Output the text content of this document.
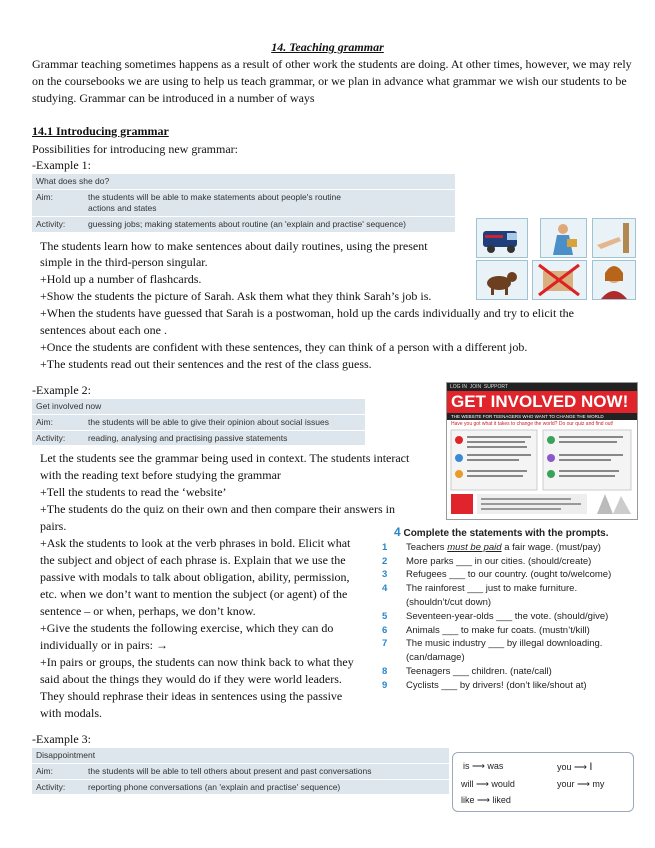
14. Teaching grammar
Grammar teaching sometimes happens as a result of other work the students are doing. At other times, however, we may rely on the coursebooks we are using to help us teach grammar, or we plan in advance what grammar we wish our students to be studying. Grammar can be introduced in a number of ways
14.1 Introducing grammar
Possibilities for introducing new grammar:
-Example 1:
What does she do?
Aim:	the students will be able to make statements about people's routine
actions and states
Activity:	guessing jobs; making statements about routine (an 'explain and practise' sequence)
The students learn how to make sentences about daily routines, using the present
simple in the third-person singular.
+Hold up a number of flashcards.
+Show the students the picture of Sarah. Ask them what they think Sarah’s job is.
+When the students have guessed that Sarah is a postwoman, hold up the cards individually and try to elicit the
sentences about each one .
+Once the students are confident with these sentences, they can think of a person with a different job.
+The students read out their sentences and the rest of the class guess.
-Example 2:
Get involved now
Aim:	the students will be able to give their opinion about social issues
Activity:	reading, analysing and practising passive statements
Let the students see the grammar being used in context. The students interact
with the reading text before studying the grammar
+Tell the students to read the ‘website’
+The students do the quiz on their own and then compare their answers in
pairs.
+Ask the students to look at the verb phrases in bold. Elicit what
the subject and object of each phrase is. Explain that we use the
passive with modals to talk about obligation, ability, permission,
etc. when we don’t want to mention the subject (or agent) of the
sentence – or when, perhaps, we don’t know.
+Give the students the following exercise, which they can do
individually or in pairs: →
+In pairs or groups, the students can now think back to what they
said about the things they would do if they were world leaders.
They should rephrase their ideas in sentences using the passive
with modals.
LOG IN JOIN SUPPORT
GET INVOLVED NOW!
THE WEBSITE FOR TEENAGERS WHO WANT TO CHANGE THE WORLD
Have you got what it takes to change the world? Do our quiz and find out!
4 Complete the statements with the prompts.
1 Teachers must be paid a fair wage. (must/pay)
2 More parks ___ in our cities. (should/create)
3 Refugees ___ to our country. (ought to/welcome)
4 The rainforest ___ just to make furniture.
(shouldn’t/cut down)
5 Seventeen-year-olds ___ the vote. (should/give)
6 Animals ___ to make fur coats. (mustn’t/kill)
7 The music industry ___ by illegal downloading.
(can/damage)
8 Teenagers ___ children. (nate/call)
9 Cyclists ___ by drivers! (don’t like/shout at)
-Example 3:
Disappointment
Aim:	the students will be able to tell others about present and past conversations
Activity:	reporting phone conversations (an 'explain and practise' sequence)
is ⟶ was	you ⟶ I
will ⟶ would	your ⟶ my
like ⟶ liked
